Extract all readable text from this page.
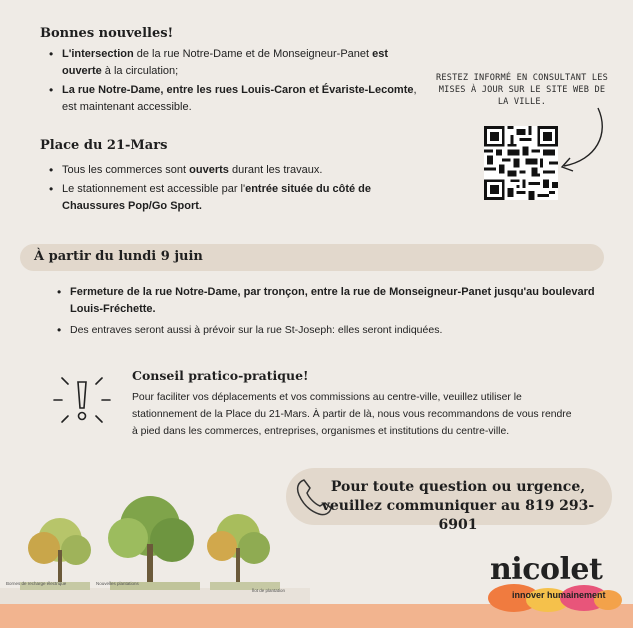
Bonnes nouvelles!
• L'intersection de la rue Notre-Dame et de Monseigneur-Panet est ouverte à la circulation;
• La rue Notre-Dame, entre les rues Louis-Caron et Évariste-Lecomte, est maintenant accessible.
Place du 21-Mars
• Tous les commerces sont ouverts durant les travaux.
• Le stationnement est accessible par l'entrée située du côté de Chaussures Pop/Go Sport.
RESTEZ INFORMÉ EN CONSULTANT LES MISES À JOUR SUR LE SITE WEB DE LA VILLE.
À partir du lundi 9 juin
• Fermeture de la rue Notre-Dame, par tronçon, entre la rue de Monseigneur-Panet jusqu'au boulevard Louis-Fréchette.
• Des entraves seront aussi à prévoir sur la rue St-Joseph: elles seront indiquées.
Conseil pratico-pratique!
Pour faciliter vos déplacements et vos commissions au centre-ville, veuillez utiliser le stationnement de la Place du 21-Mars. À partir de là, nous vous recommandons de vous rendre à pied dans les commerces, entreprises, organismes et institutions du centre-ville.
Pour toute question ou urgence, veuillez communiquer au 819 293-6901
Bornes de recharge électrique	Nouvelles plantations
Îlot de plantation
nicolet
innover humainement
